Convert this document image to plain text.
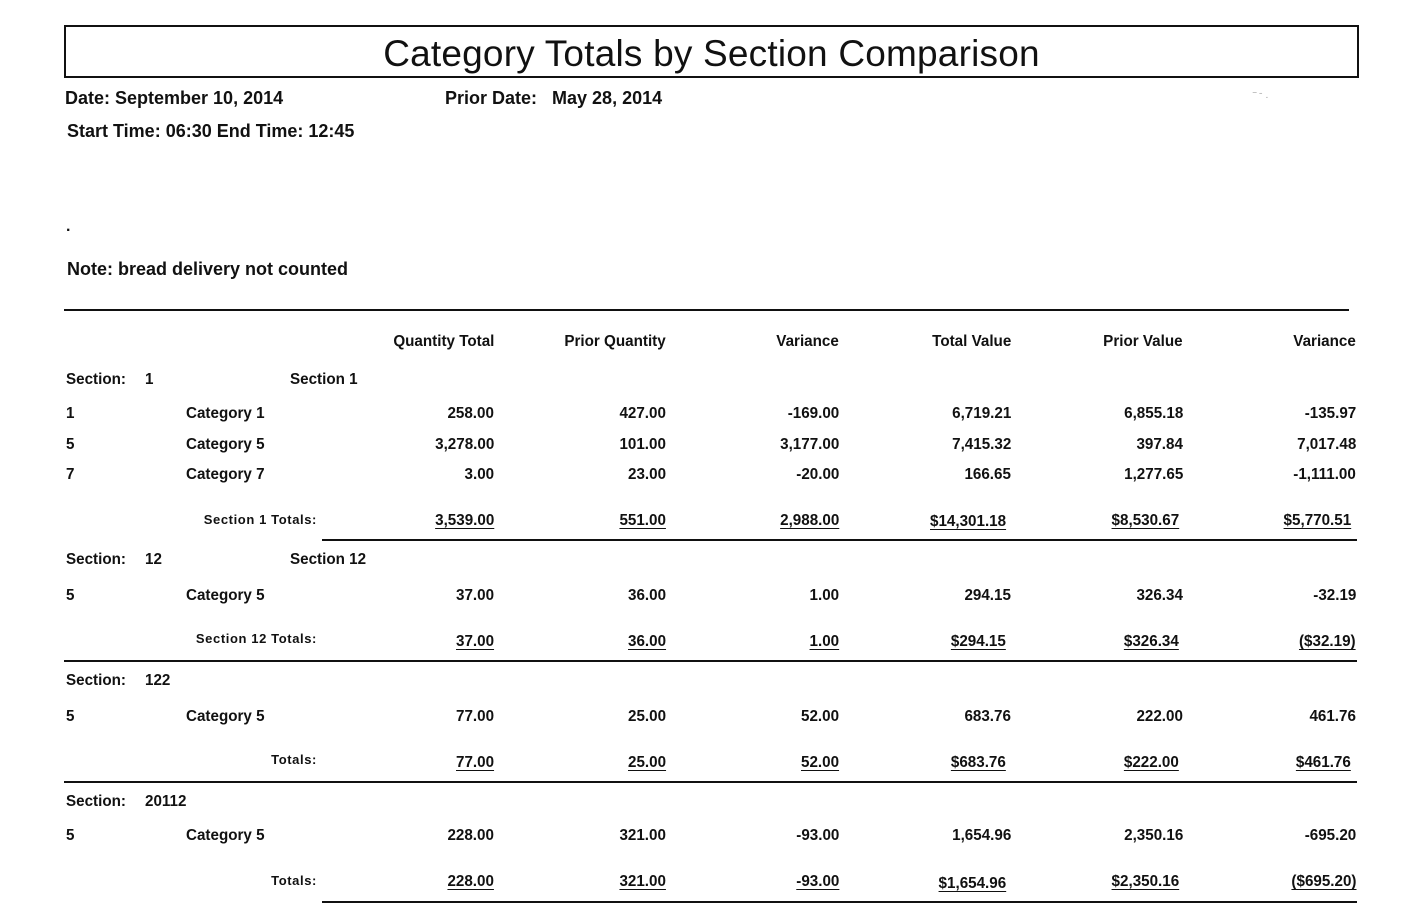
Category Totals by Section Comparison
Date: September 10, 2014	Prior Date:   May 28, 2014	‾ ˉ ·
Start Time: 06:30 End Time: 12:45
.
Note: bread delivery not counted
Quantity Total	Prior Quantity	Variance	Total Value	Prior Value	Variance
Section: 1	Section 1
1	Category 1	258.00	427.00	-169.00	6,719.21	6,855.18	-135.97
5	Category 5	3,278.00	101.00	3,177.00	7,415.32	397.84	7,017.48
7	Category 7	3.00	23.00	-20.00	166.65	1,277.65	-1,111.00
Section 1 Totals:	3,539.00	551.00	2,988.00	$14,301.18	$8,530.67	$5,770.51
Section: 12	Section 12
5	Category 5	37.00	36.00	1.00	294.15	326.34	-32.19
Section 12 Totals:	37.00	36.00	1.00	$294.15	$326.34	($32.19)
Section: 122
5	Category 5	77.00	25.00	52.00	683.76	222.00	461.76
Totals:	77.00	25.00	52.00	$683.76	$222.00	$461.76
Section: 20112
5	Category 5	228.00	321.00	-93.00	1,654.96	2,350.16	-695.20
Totals:	228.00	321.00	-93.00	$1,654.96	$2,350.16	($695.20)
